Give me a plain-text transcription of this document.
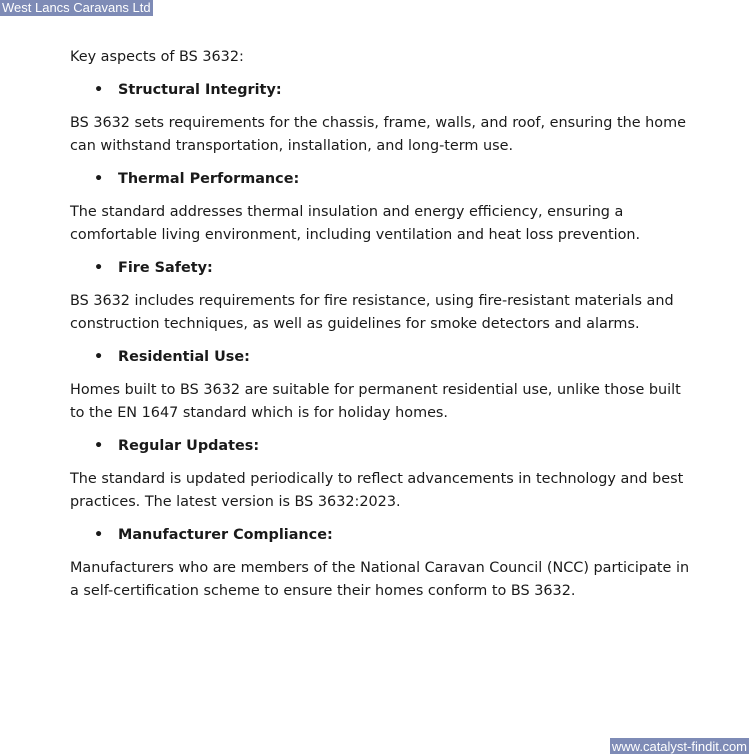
West Lancs Caravans Ltd

Key aspects of BS 3632:

•	Structural Integrity:

BS 3632 sets requirements for the chassis, frame, walls, and roof, ensuring the home can withstand transportation, installation, and long-term use.

•	Thermal Performance:

The standard addresses thermal insulation and energy efficiency, ensuring a comfortable living environment, including ventilation and heat loss prevention.

•	Fire Safety:

BS 3632 includes requirements for fire resistance, using fire-resistant materials and construction techniques, as well as guidelines for smoke detectors and alarms.

•	Residential Use:

Homes built to BS 3632 are suitable for permanent residential use, unlike those built to the EN 1647 standard which is for holiday homes.

•	Regular Updates:

The standard is updated periodically to reflect advancements in technology and best practices. The latest version is BS 3632:2023.

•	Manufacturer Compliance:

Manufacturers who are members of the National Caravan Council (NCC) participate in a self-certification scheme to ensure their homes conform to BS 3632.

www.catalyst-findit.com
